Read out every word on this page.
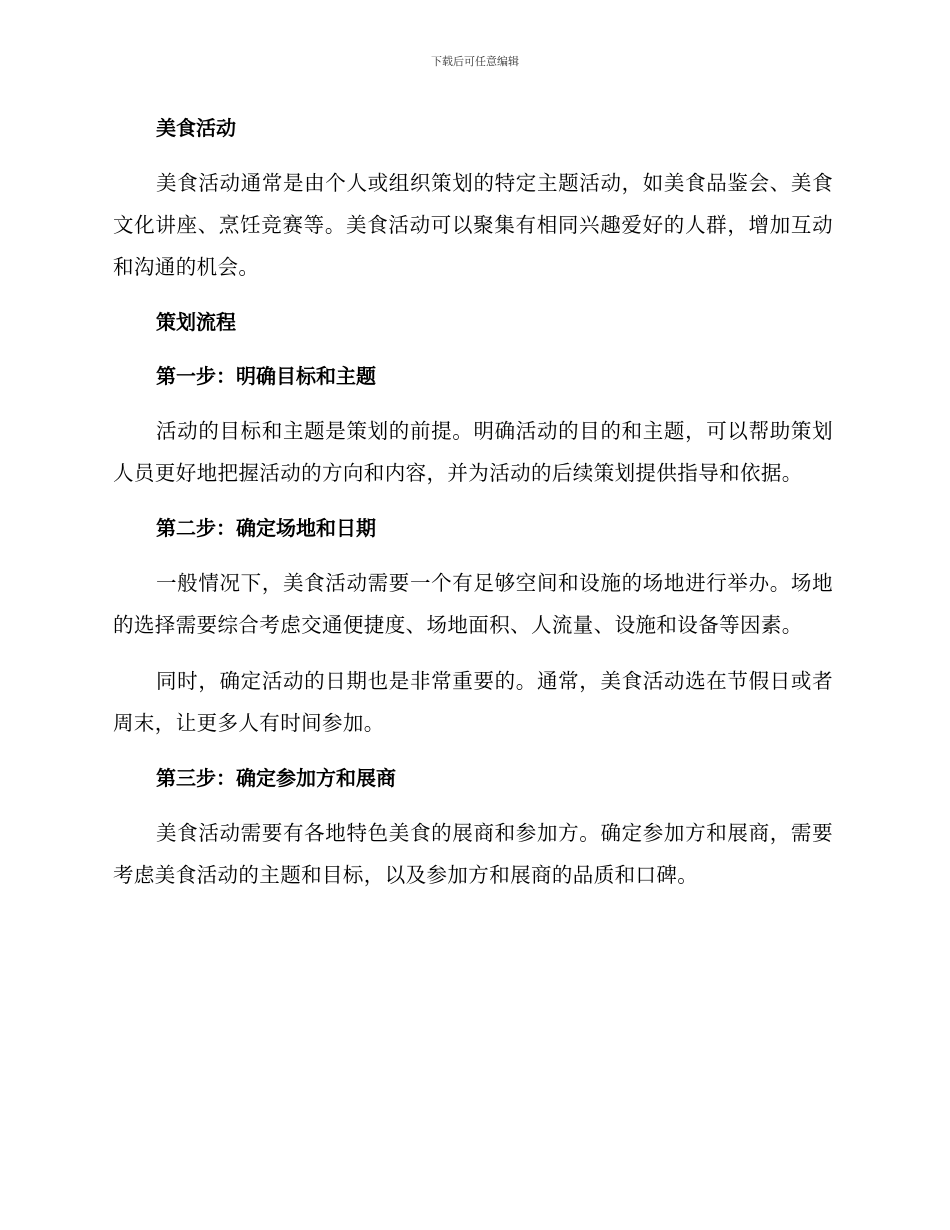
下载后可任意编辑
美食活动

美食活动通常是由个人或组织策划的特定主题活动，如美食品鉴会、美食文化讲座、烹饪竞赛等。美食活动可以聚集有相同兴趣爱好的人群，增加互动和沟通的机会。

策划流程
第一步：明确目标和主题

活动的目标和主题是策划的前提。明确活动的目的和主题，可以帮助策划人员更好地把握活动的方向和内容，并为活动的后续策划提供指导和依据。

第二步：确定场地和日期

一般情况下，美食活动需要一个有足够空间和设施的场地进行举办。场地的选择需要综合考虑交通便捷度、场地面积、人流量、设施和设备等因素。

同时，确定活动的日期也是非常重要的。通常，美食活动选在节假日或者周末，让更多人有时间参加。

第三步：确定参加方和展商

美食活动需要有各地特色美食的展商和参加方。确定参加方和展商，需要考虑美食活动的主题和目标，以及参加方和展商的品质和口碑。
